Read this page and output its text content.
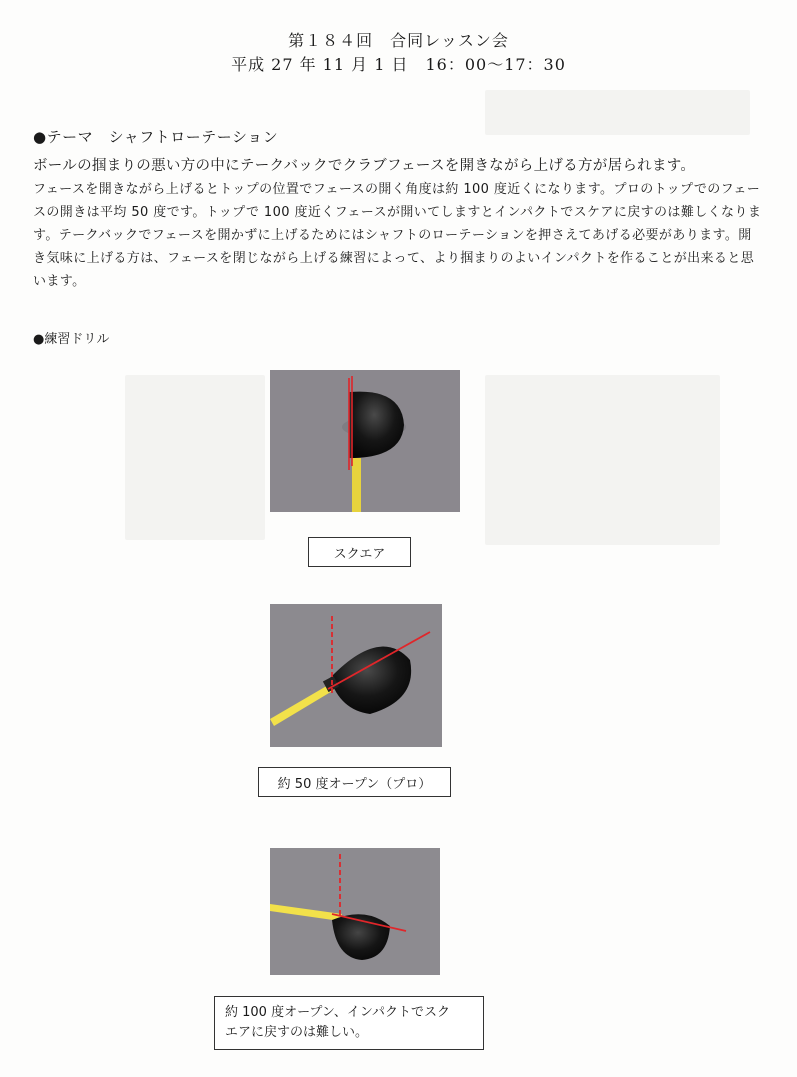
第１８４回　合同レッスン会
平成 27 年 11 月 1 日　16：00～17：30
●テーマ　シャフトローテーション
ボールの掴まりの悪い方の中にテークバックでクラブフェースを開きながら上げる方が居られます。
フェースを開きながら上げるとトップの位置でフェースの開く角度は約 100 度近くになります。プロのトップでのフェースの開きは平均 50 度です。トップで 100 度近くフェースが開いてしますとインパクトでスケアに戻すのは難しくなります。テークバックでフェースを開かずに上げるためにはシャフトのローテーションを押さえてあげる必要があります。開き気味に上げる方は、フェースを閉じながら上げる練習によって、より掴まりのよいインパクトを作ることが出来ると思います。
●練習ドリル
スクエア
約 50 度オープン（プロ）
約 100 度オープン、インパクトでスク
エアに戻すのは難しい。
